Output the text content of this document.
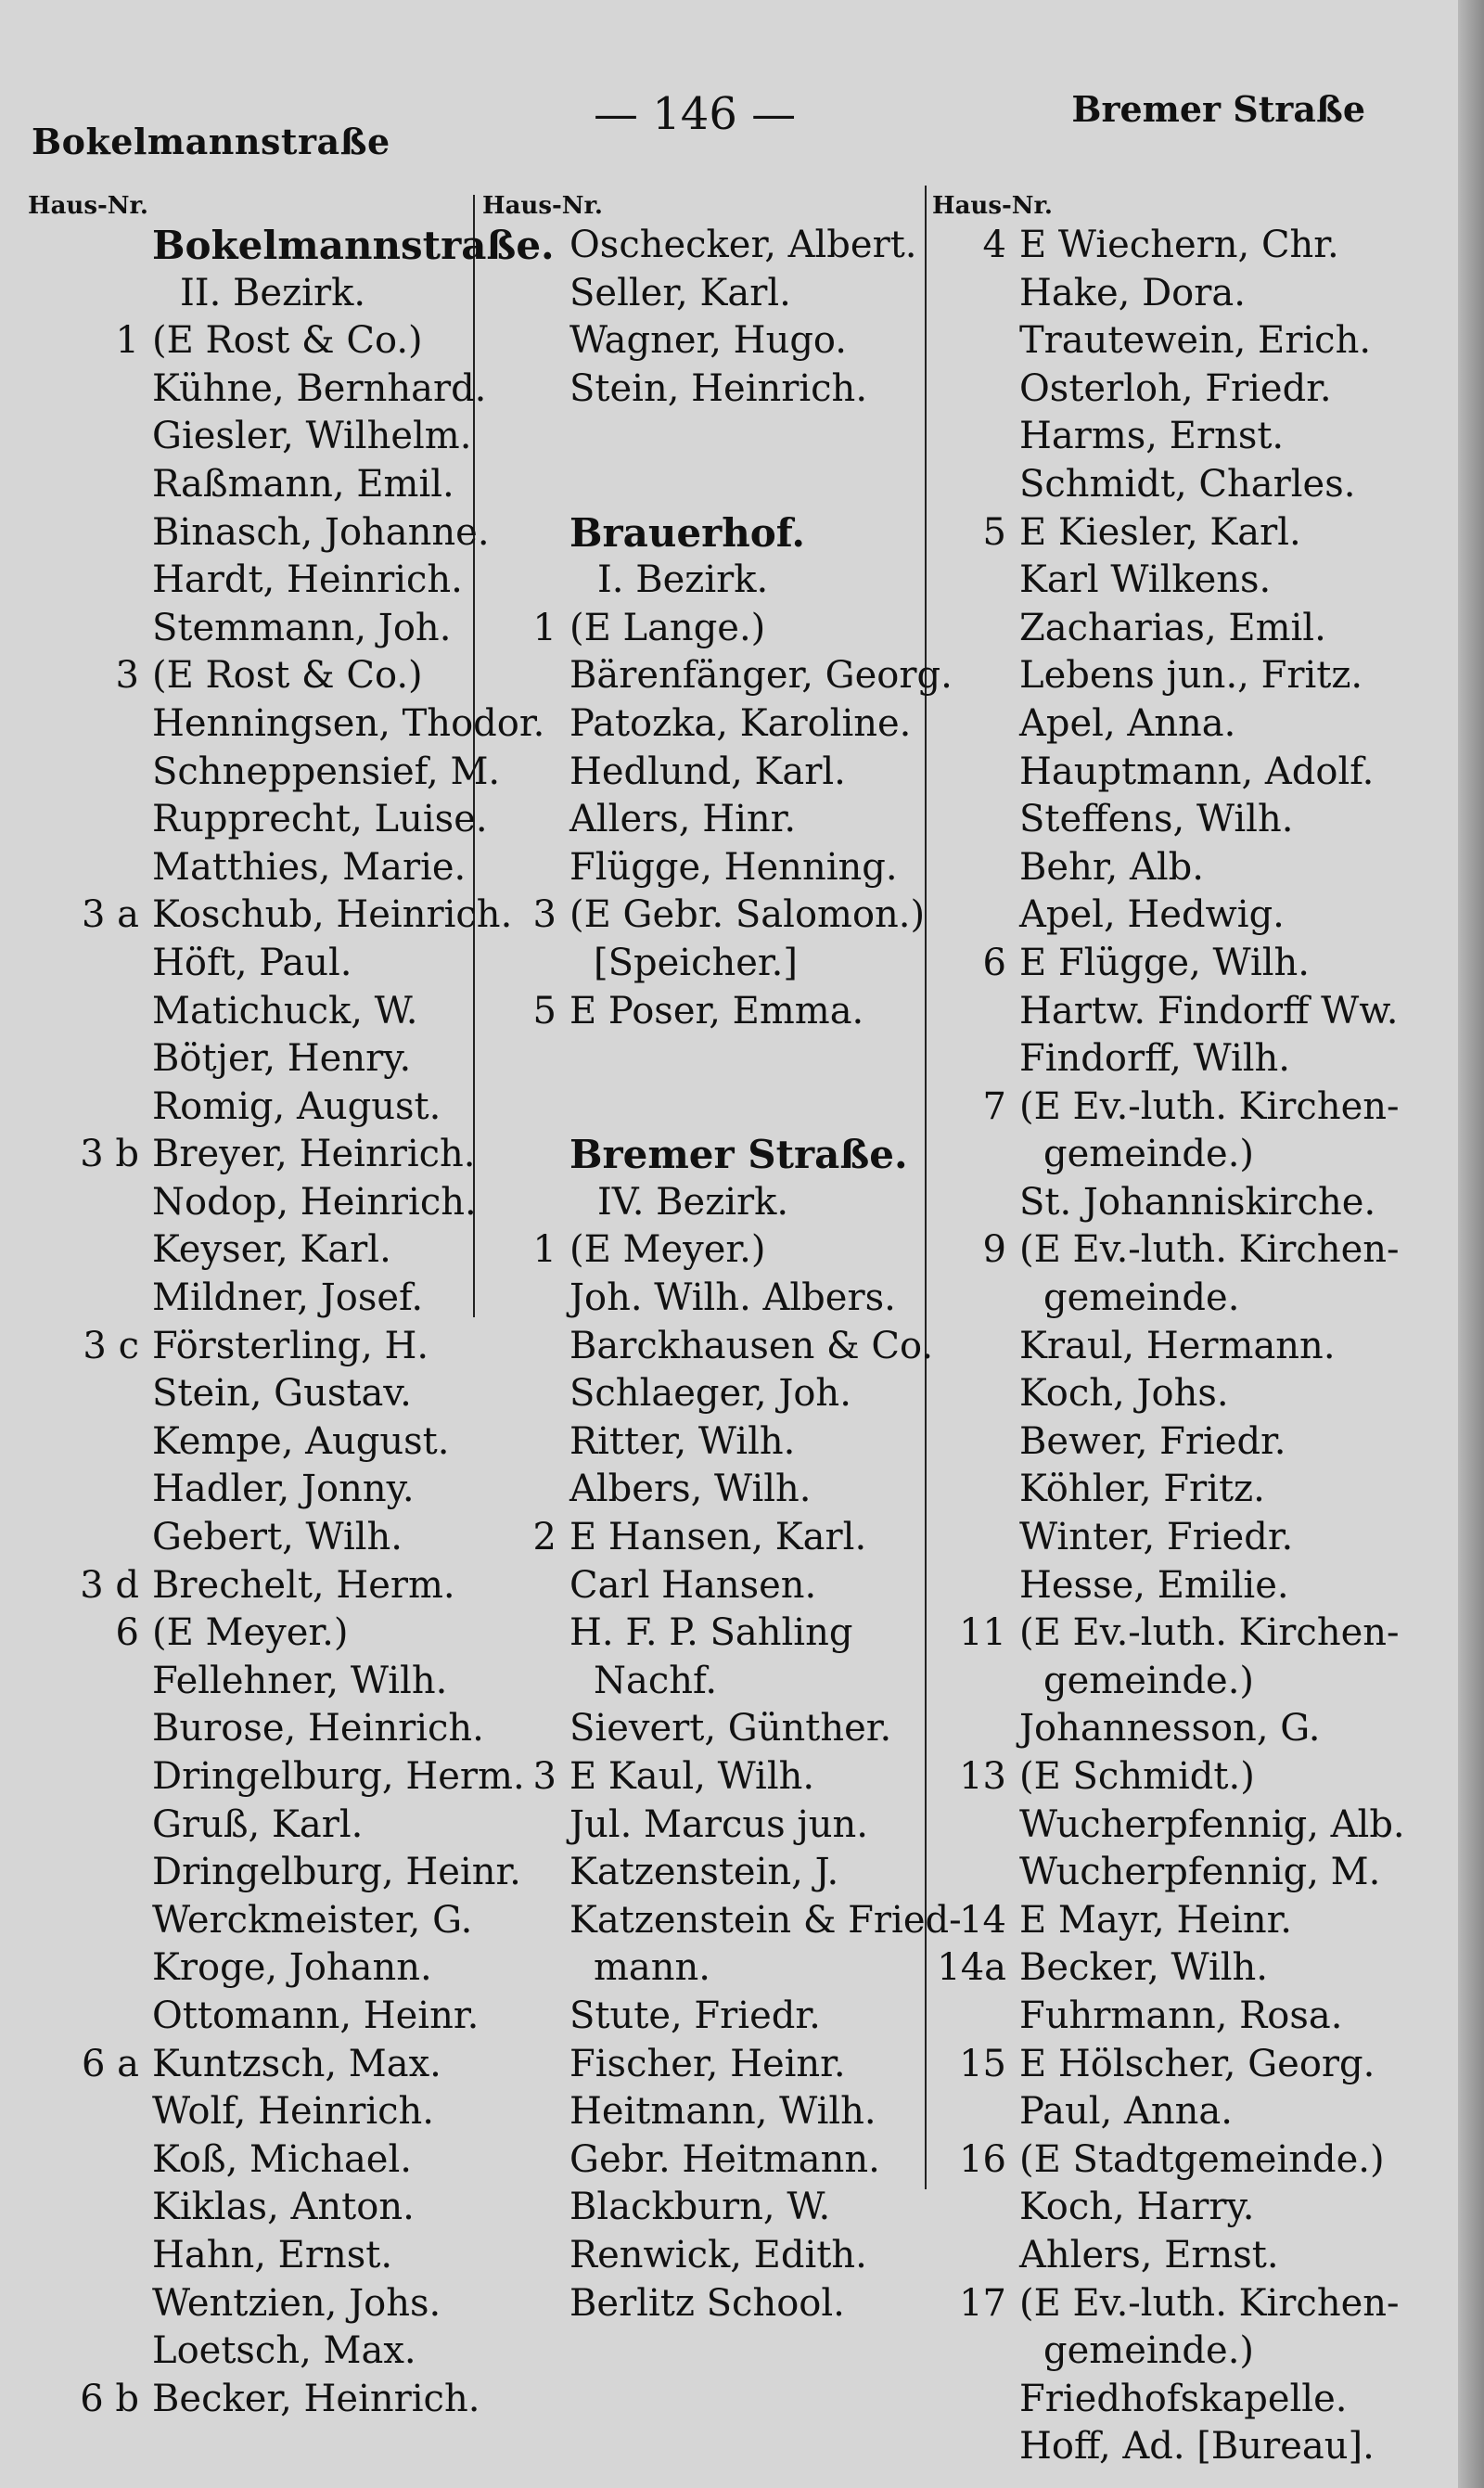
Bokelmannstraße
— 146 —	Bremer Straße
Haus-Nr.
Bokelmannstraße.
II. Bezirk.
1 (E Rost & Co.)
Kühne, Bernhard.
Giesler, Wilhelm.
Raßmann, Emil.
Binasch, Johanne.
Hardt, Heinrich.
Stemmann, Joh.
3 (E Rost & Co.)
Henningsen, Thodor.
Schneppensief, M.
Rupprecht, Luise.
Matthies, Marie.
3 a Koschub, Heinrich.
Höft, Paul.
Matichuck, W.
Bötjer, Henry.
Romig, August.
3 b Breyer, Heinrich.
Nodop, Heinrich.
Keyser, Karl.
Mildner, Josef.
3 c Försterling, H.
Stein, Gustav.
Kempe, August.
Hadler, Jonny.
Gebert, Wilh.
3 d Brechelt, Herm.
6 (E Meyer.)
Fellehner, Wilh.
Burose, Heinrich.
Dringelburg, Herm.
Gruß, Karl.
Dringelburg, Heinr.
Werckmeister, G.
Kroge, Johann.
Ottomann, Heinr.
6 a Kuntzsch, Max.
Wolf, Heinrich.
Koß, Michael.
Kiklas, Anton.
Hahn, Ernst.
Wentzien, Johs.
Loetsch, Max.
6 b Becker, Heinrich.
Haus-Nr.
Oschecker, Albert.
Seller, Karl.
Wagner, Hugo.
Stein, Heinrich.
Brauerhof.
I. Bezirk.
1 (E Lange.)
Bärenfänger, Georg.
Patozka, Karoline.
Hedlund, Karl.
Allers, Hinr.
Flügge, Henning.
3 (E Gebr. Salomon.)
[Speicher.]
5 E Poser, Emma.
Bremer Straße.
IV. Bezirk.
1 (E Meyer.)
Joh. Wilh. Albers.
Barckhausen & Co.
Schlaeger, Joh.
Ritter, Wilh.
Albers, Wilh.
2 E Hansen, Karl.
Carl Hansen.
H. F. P. Sahling
Nachf.
Sievert, Günther.
3 E Kaul, Wilh.
Jul. Marcus jun.
Katzenstein, J.
Katzenstein & Fried-
mann.
Stute, Friedr.
Fischer, Heinr.
Heitmann, Wilh.
Gebr. Heitmann.
Blackburn, W.
Renwick, Edith.
Berlitz School.
Haus-Nr.
4 E Wiechern, Chr.
Hake, Dora.
Trautewein, Erich.
Osterloh, Friedr.
Harms, Ernst.
Schmidt, Charles.
5 E Kiesler, Karl.
Karl Wilkens.
Zacharias, Emil.
Lebens jun., Fritz.
Apel, Anna.
Hauptmann, Adolf.
Steffens, Wilh.
Behr, Alb.
Apel, Hedwig.
6 E Flügge, Wilh.
Hartw. Findorff Ww.
Findorff, Wilh.
7 (E Ev.-luth. Kirchen-
gemeinde.)
St. Johanniskirche.
9 (E Ev.-luth. Kirchen-
gemeinde.
Kraul, Hermann.
Koch, Johs.
Bewer, Friedr.
Köhler, Fritz.
Winter, Friedr.
Hesse, Emilie.
11 (E Ev.-luth. Kirchen-
gemeinde.)
Johannesson, G.
13 (E Schmidt.)
Wucherpfennig, Alb.
Wucherpfennig, M.
14 E Mayr, Heinr.
14a Becker, Wilh.
Fuhrmann, Rosa.
15 E Hölscher, Georg.
Paul, Anna.
16 (E Stadtgemeinde.)
Koch, Harry.
Ahlers, Ernst.
17 (E Ev.-luth. Kirchen-
gemeinde.)
Friedhofskapelle.
Hoff, Ad. [Bureau].
